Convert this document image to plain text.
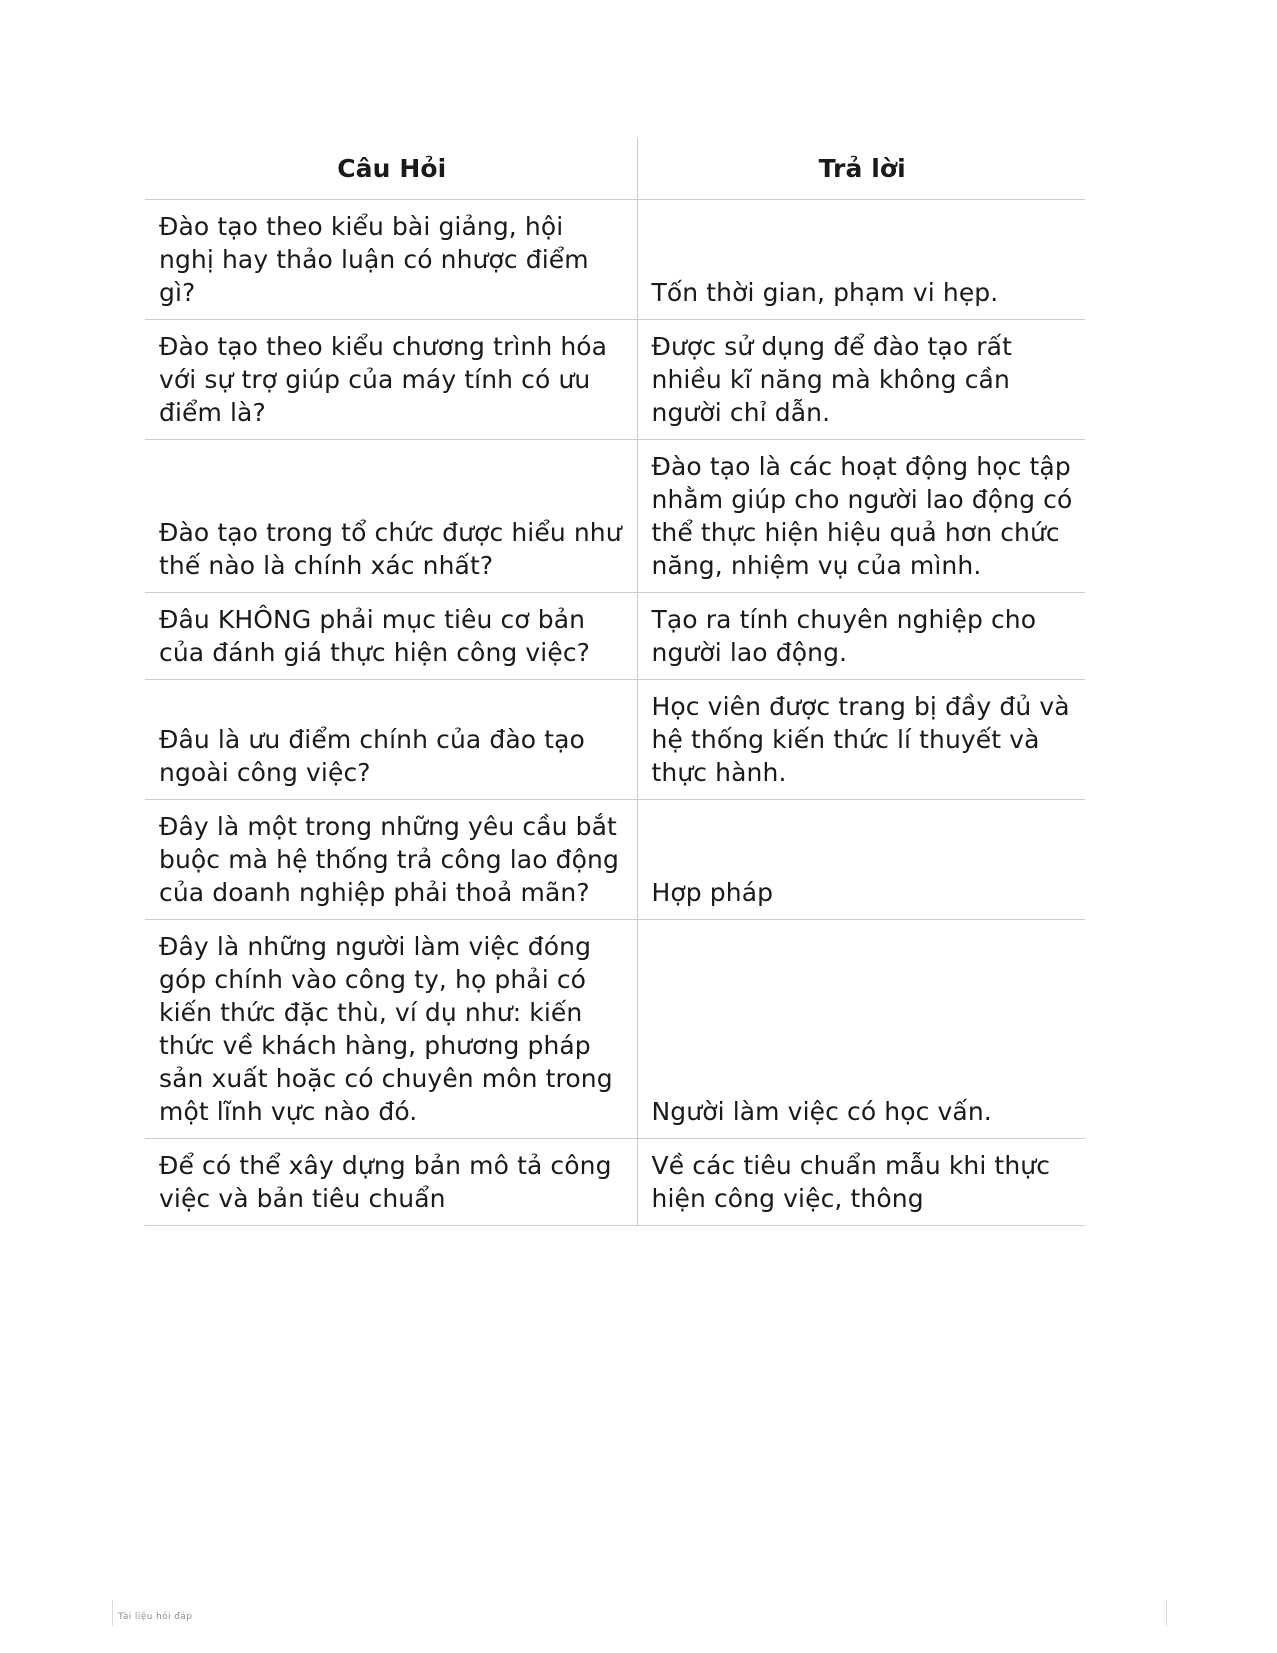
Câu Hỏi	Trả lời
Đào tạo theo kiểu bài giảng, hội nghị hay thảo luận có nhược điểm gì?	Tốn thời gian, phạm vi hẹp.
Đào tạo theo kiểu chương trình hóa với sự trợ giúp của máy tính có ưu điểm là?	Được sử dụng để đào tạo rất nhiều kĩ năng mà không cần người chỉ dẫn.
Đào tạo trong tổ chức được hiểu như thế nào là chính xác nhất?	Đào tạo là các hoạt động học tập nhằm giúp cho người lao động có thể thực hiện hiệu quả hơn chức năng, nhiệm vụ của mình.
Đâu KHÔNG phải mục tiêu cơ bản của đánh giá thực hiện công việc?	Tạo ra tính chuyên nghiệp cho người lao động.
Đâu là ưu điểm chính của đào tạo ngoài công việc?	Học viên được trang bị đầy đủ và hệ thống kiến thức lí thuyết và thực hành.
Đây là một trong những yêu cầu bắt buộc mà hệ thống trả công lao động của doanh nghiệp phải thoả mãn?	Hợp pháp
Đây là những người làm việc đóng góp chính vào công ty, họ phải có kiến thức đặc thù, ví dụ như: kiến thức về khách hàng, phương pháp sản xuất hoặc có chuyên môn trong một lĩnh vực nào đó.	Người làm việc có học vấn.
Để có thể xây dựng bản mô tả công việc và bản tiêu chuẩn	Về các tiêu chuẩn mẫu khi thực hiện công việc, thông
Tài liệu hỏi đáp
